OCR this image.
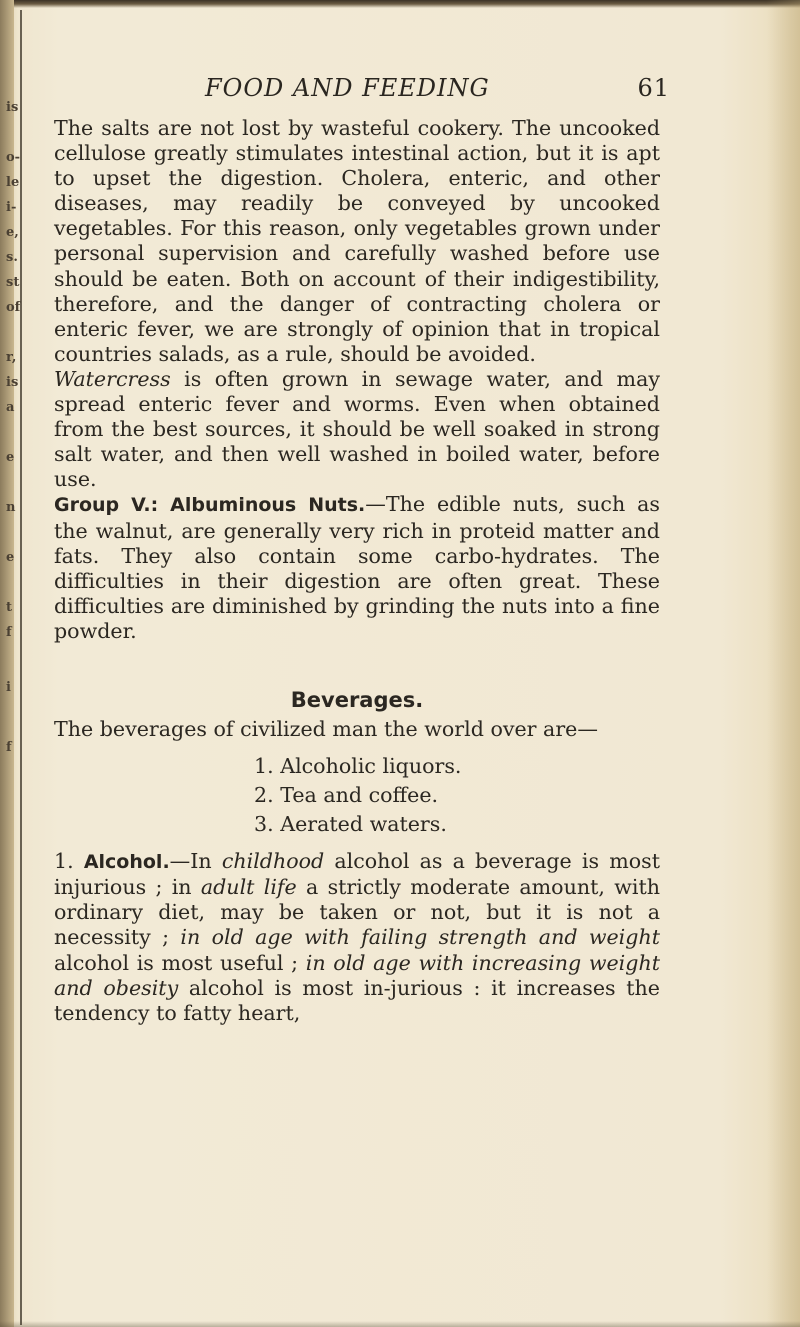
is
o-
le
i-
e,
s.
st
of
r,
is
a
e
n
e
t
f
i
f
FOOD AND FEEDING	61

The salts are not lost by wasteful cookery. The uncooked cellulose greatly stimulates intestinal action, but it is apt to upset the digestion. Cholera, enteric, and other diseases, may readily be conveyed by uncooked vegetables. For this reason, only vegetables grown under personal supervision and carefully washed before use should be eaten. Both on account of their indigestibility, therefore, and the danger of contracting cholera or enteric fever, we are strongly of opinion that in tropical countries salads, as a rule, should be avoided.

Watercress is often grown in sewage water, and may spread enteric fever and worms. Even when obtained from the best sources, it should be well soaked in strong salt water, and then well washed in boiled water, before use.

Group V.: Albuminous Nuts.—The edible nuts, such as the walnut, are generally very rich in proteid matter and fats. They also contain some carbo-hydrates. The difficulties in their digestion are often great. These difficulties are diminished by grinding the nuts into a fine powder.

Beverages.

The beverages of civilized man the world over are—

1. Alcoholic liquors.
2. Tea and coffee.
3. Aerated waters.

1. Alcohol.—In childhood alcohol as a beverage is most injurious ; in adult life a strictly moderate amount, with ordinary diet, may be taken or not, but it is not a necessity ; in old age with failing strength and weight alcohol is most useful ; in old age with increasing weight and obesity alcohol is most in-jurious : it increases the tendency to fatty heart,
